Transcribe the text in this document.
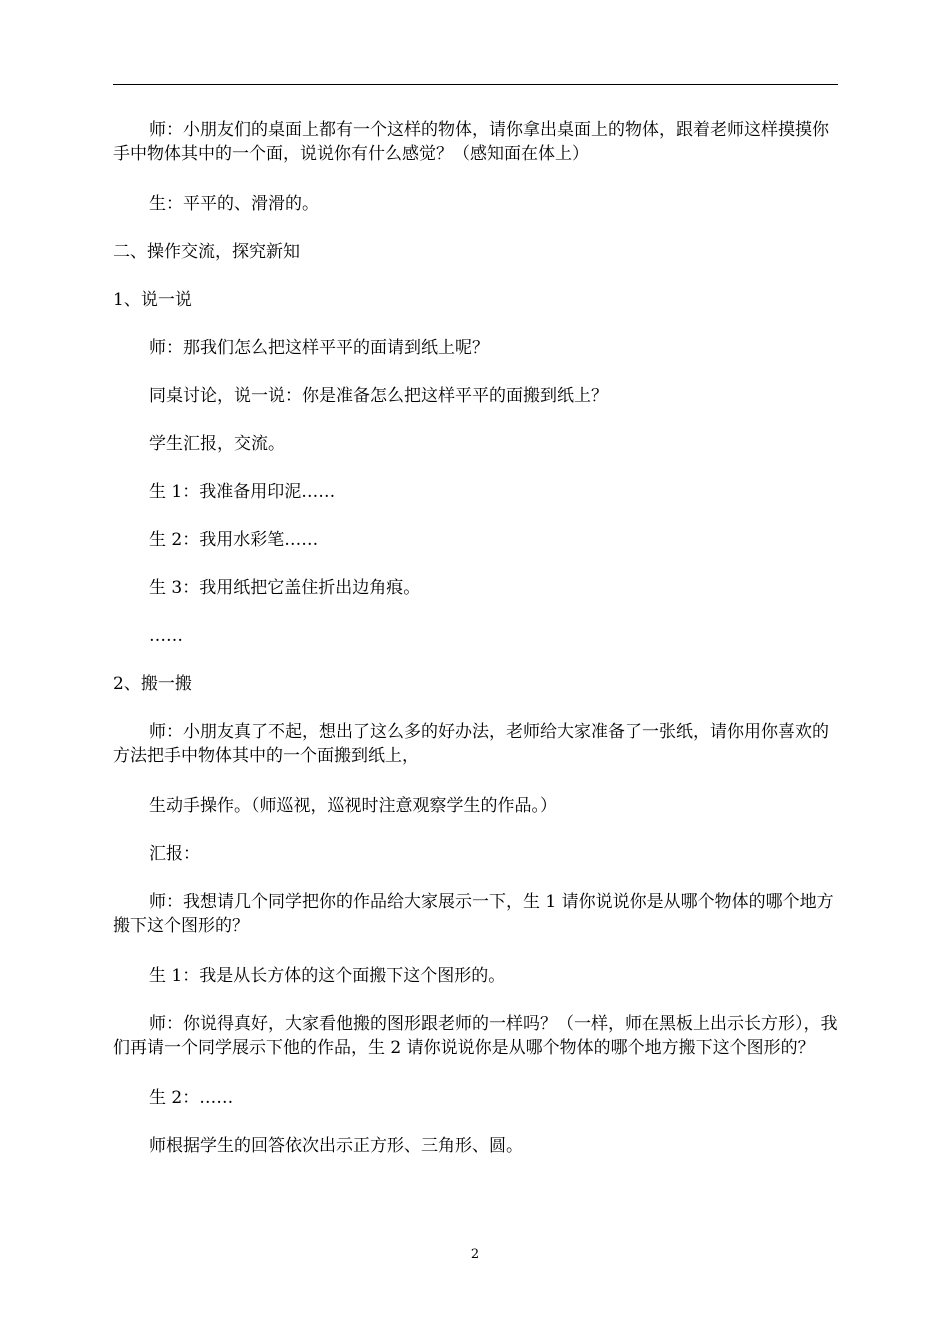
师：小朋友们的桌面上都有一个这样的物体，请你拿出桌面上的物体，跟着老师这样摸摸你手中物体其中的一个面，说说你有什么感觉？（感知面在体上）

生：平平的、滑滑的。

二、操作交流，探究新知

1、说一说

师：那我们怎么把这样平平的面请到纸上呢？

同桌讨论，说一说：你是准备怎么把这样平平的面搬到纸上？

学生汇报，交流。

生 1：我准备用印泥……

生 2：我用水彩笔……

生 3：我用纸把它盖住折出边角痕。

……

2、搬一搬

师：小朋友真了不起，想出了这么多的好办法，老师给大家准备了一张纸，请你用你喜欢的方法把手中物体其中的一个面搬到纸上，

生动手操作。（师巡视，巡视时注意观察学生的作品。）

汇报：

师：我想请几个同学把你的作品给大家展示一下，生 1 请你说说你是从哪个物体的哪个地方搬下这个图形的？

生 1：我是从长方体的这个面搬下这个图形的。

师：你说得真好，大家看他搬的图形跟老师的一样吗？（一样，师在黑板上出示长方形），我们再请一个同学展示下他的作品，生 2 请你说说你是从哪个物体的哪个地方搬下这个图形的？

生 2：……

师根据学生的回答依次出示正方形、三角形、圆。

2
